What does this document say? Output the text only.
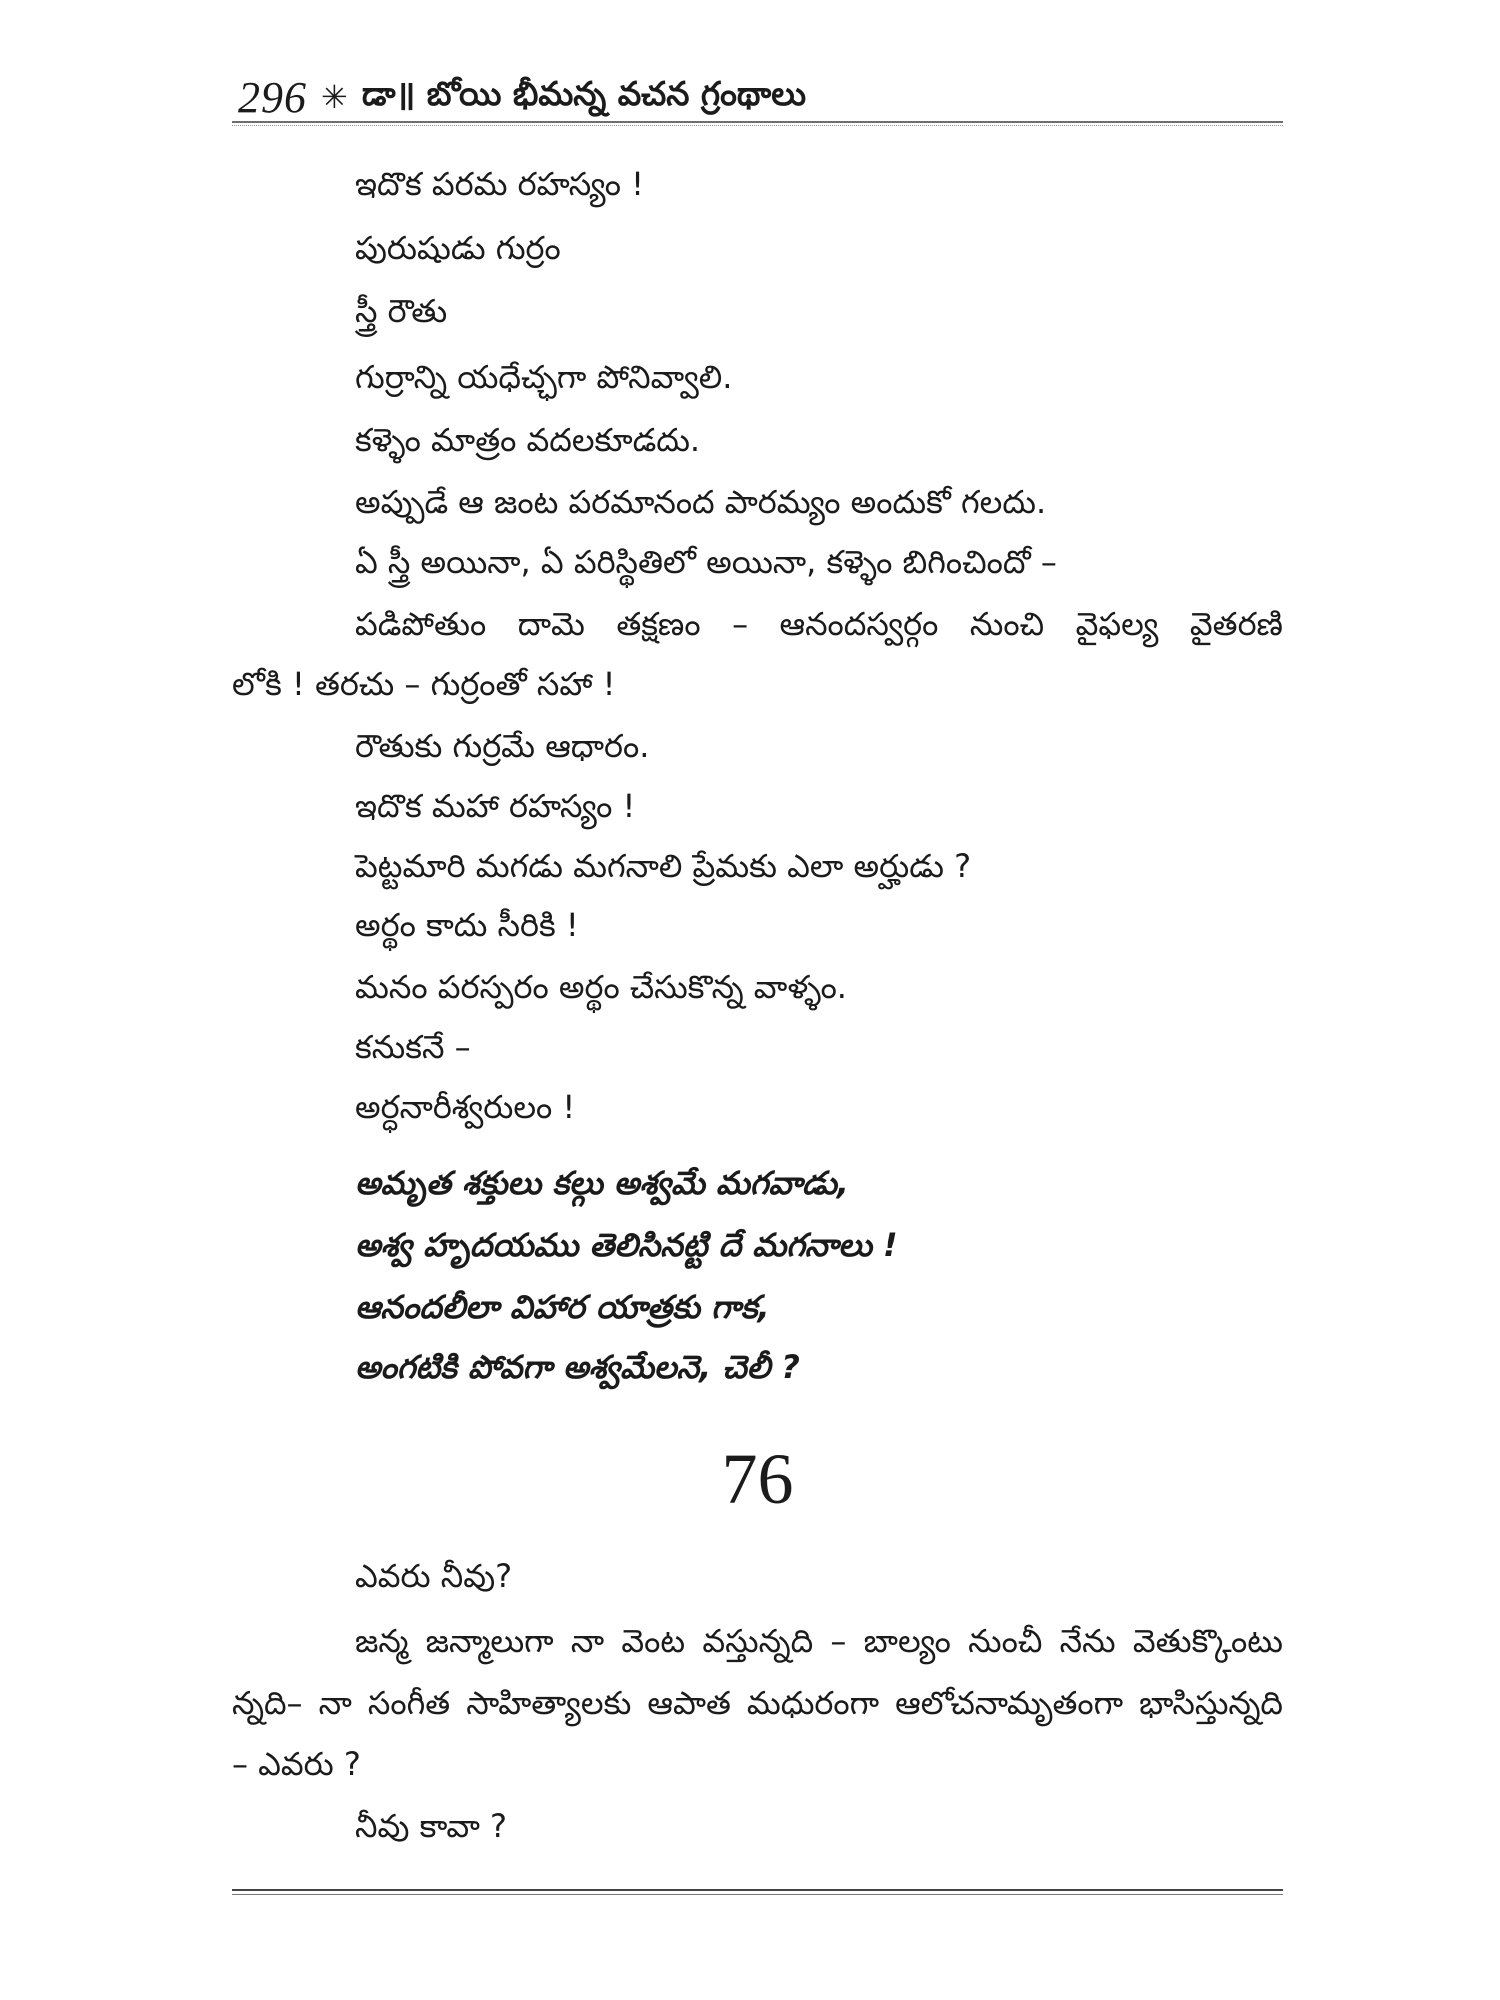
296 ✳ డా॥ బోయి భీమన్న వచన గ్రంథాలు
ఇదొక పరమ రహస్యం !
పురుషుడు గుర్రం
స్త్రీ రౌతు
గుర్రాన్ని యధేచ్ఛగా పోనివ్వాలి.
కళ్ళెం మాత్రం వదలకూడదు.
అప్పుడే ఆ జంట పరమానంద పారమ్యం అందుకో గలదు.
ఏ స్త్రీ అయినా, ఏ పరిస్థితిలో అయినా, కళ్ళెం బిగించిందో –
పడిపోతుం దామె తక్షణం – ఆనందస్వర్గం నుంచి వైఫల్య వైతరణి
లోకి ! తరచు – గుర్రంతో సహా !
రౌతుకు గుర్రమే ఆధారం.
ఇదొక మహా రహస్యం !
పెట్టమారి మగడు మగనాలి ప్రేమకు ఎలా అర్హుడు ?
అర్థం కాదు సీరికి !
మనం పరస్పరం అర్థం చేసుకొన్న వాళ్ళం.
కనుకనే –
అర్ధనారీశ్వరులం !
అమృత శక్తులు కల్గు అశ్వమే మగవాడు,
అశ్వ హృదయము తెలిసినట్టి దే మగనాలు !
ఆనందలీలా విహార యాత్రకు గాక,
అంగటికి పోవగా అశ్వమేలనె, చెలీ ?
76
ఎవరు నీవు?
జన్మ జన్మాలుగా నా వెంట వస్తున్నది – బాల్యం నుంచీ నేను వెతుక్కొంటు
న్నది– నా సంగీత సాహిత్యాలకు ఆపాత మధురంగా ఆలోచనామృతంగా భాసిస్తున్నది
– ఎవరు ?
నీవు కావా ?
